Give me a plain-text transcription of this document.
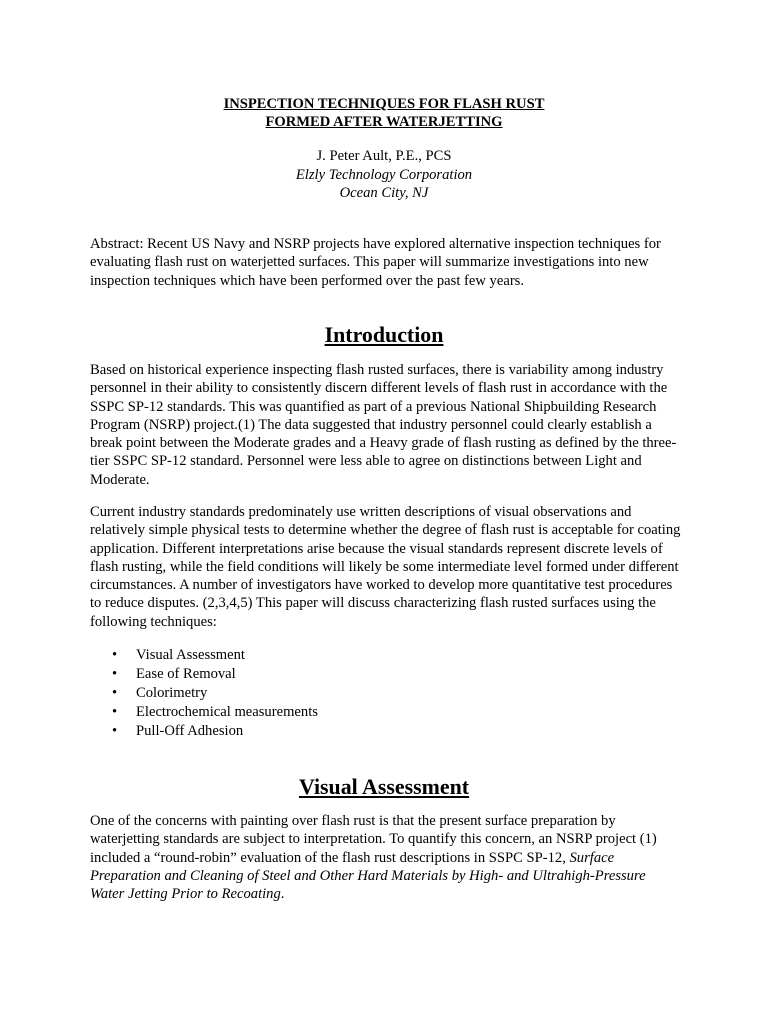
INSPECTION TECHNIQUES FOR FLASH RUST
FORMED AFTER WATERJETTING
J. Peter Ault, P.E., PCS
Elzly Technology Corporation
Ocean City, NJ

Abstract: Recent US Navy and NSRP projects have explored alternative inspection techniques for evaluating flash rust on waterjetted surfaces. This paper will summarize investigations into new inspection techniques which have been performed over the past few years.

Introduction

Based on historical experience inspecting flash rusted surfaces, there is variability among industry personnel in their ability to consistently discern different levels of flash rust in accordance with the SSPC SP-12 standards. This was quantified as part of a previous National Shipbuilding Research Program (NSRP) project.(1) The data suggested that industry personnel could clearly establish a break point between the Moderate grades and a Heavy grade of flash rusting as defined by the three-tier SSPC SP-12 standard. Personnel were less able to agree on distinctions between Light and Moderate.

Current industry standards predominately use written descriptions of visual observations and relatively simple physical tests to determine whether the degree of flash rust is acceptable for coating application. Different interpretations arise because the visual standards represent discrete levels of flash rusting, while the field conditions will likely be some intermediate level formed under different circumstances. A number of investigators have worked to develop more quantitative test procedures to reduce disputes. (2,3,4,5) This paper will discuss characterizing flash rusted surfaces using the following techniques:

• Visual Assessment
• Ease of Removal
• Colorimetry
• Electrochemical measurements
• Pull-Off Adhesion
Visual Assessment

One of the concerns with painting over flash rust is that the present surface preparation by waterjetting standards are subject to interpretation. To quantify this concern, an NSRP project (1) included a “round-robin” evaluation of the flash rust descriptions in SSPC SP-12, Surface Preparation and Cleaning of Steel and Other Hard Materials by High- and Ultrahigh-Pressure Water Jetting Prior to Recoating.
